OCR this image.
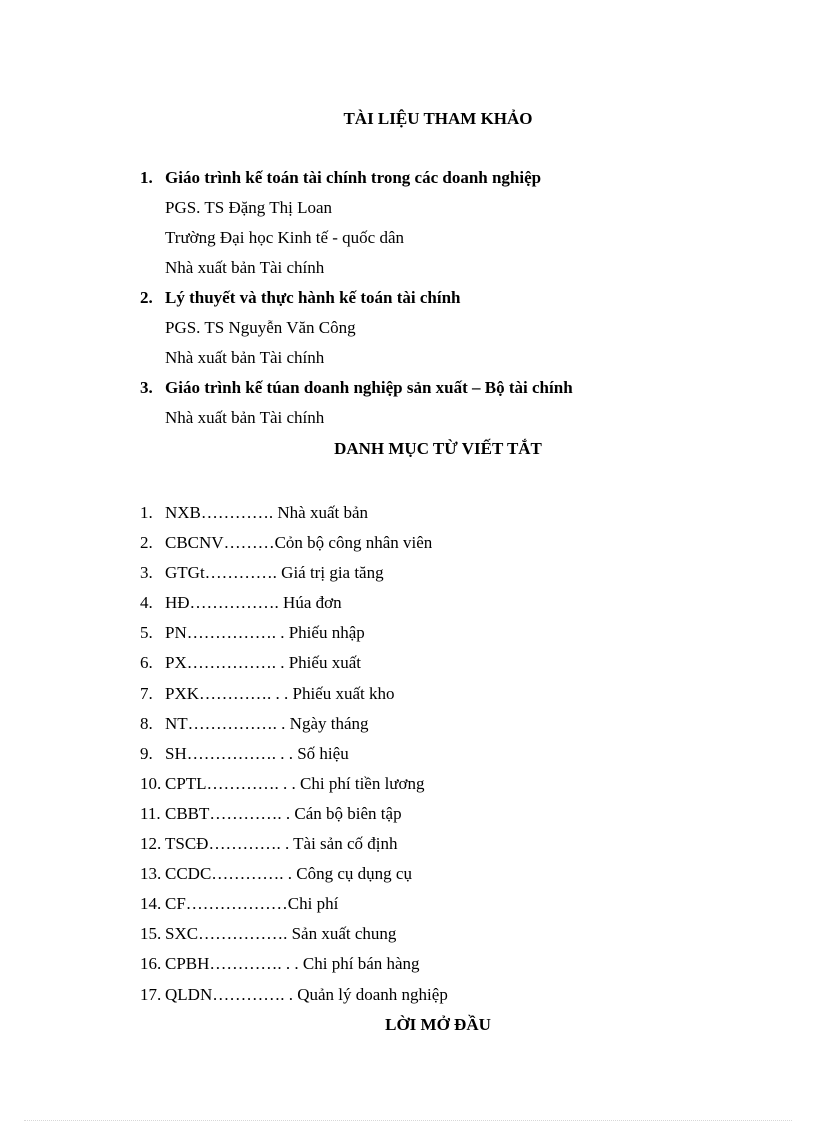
TÀI LIỆU THAM KHẢO
1. Giáo trình kế toán tài chính trong các doanh nghiệp
PGS. TS Đặng Thị Loan
Trường Đại học Kinh tế - quốc dân
Nhà xuất bản Tài chính
2. Lý thuyết và thực hành kế toán tài chính
PGS. TS Nguyễn Văn Công
Nhà xuất bản Tài chính
3. Giáo trình kế túan doanh nghiệp sản xuất – Bộ tài chính
Nhà xuất bản Tài chính
DANH MỤC TỪ VIẾT TẮT
1. NXB…………. Nhà xuất bản
2. CBCNV………Cỏn bộ công nhân viên
3. GTGt…………. Giá trị gia tăng
4. HĐ……………. Húa đơn
5. PN……………. . Phiếu nhập
6. PX……………. . Phiếu xuất
7. PXK…………. . . Phiếu xuất kho
8. NT……………. . Ngày tháng
9. SH……………. . . Số hiệu
10. CPTL…………. . . Chi phí tiền lương
11. CBBT…………. . Cán bộ biên tập
12. TSCĐ…………. . Tài sản cố định
13. CCDC…………. . Công cụ dụng cụ
14. CF………………Chi phí
15. SXC……………. Sản xuất chung
16. CPBH…………. . . Chi phí bán hàng
17. QLDN…………. . Quản lý doanh nghiệp
LỜI MỞ ĐẦU
